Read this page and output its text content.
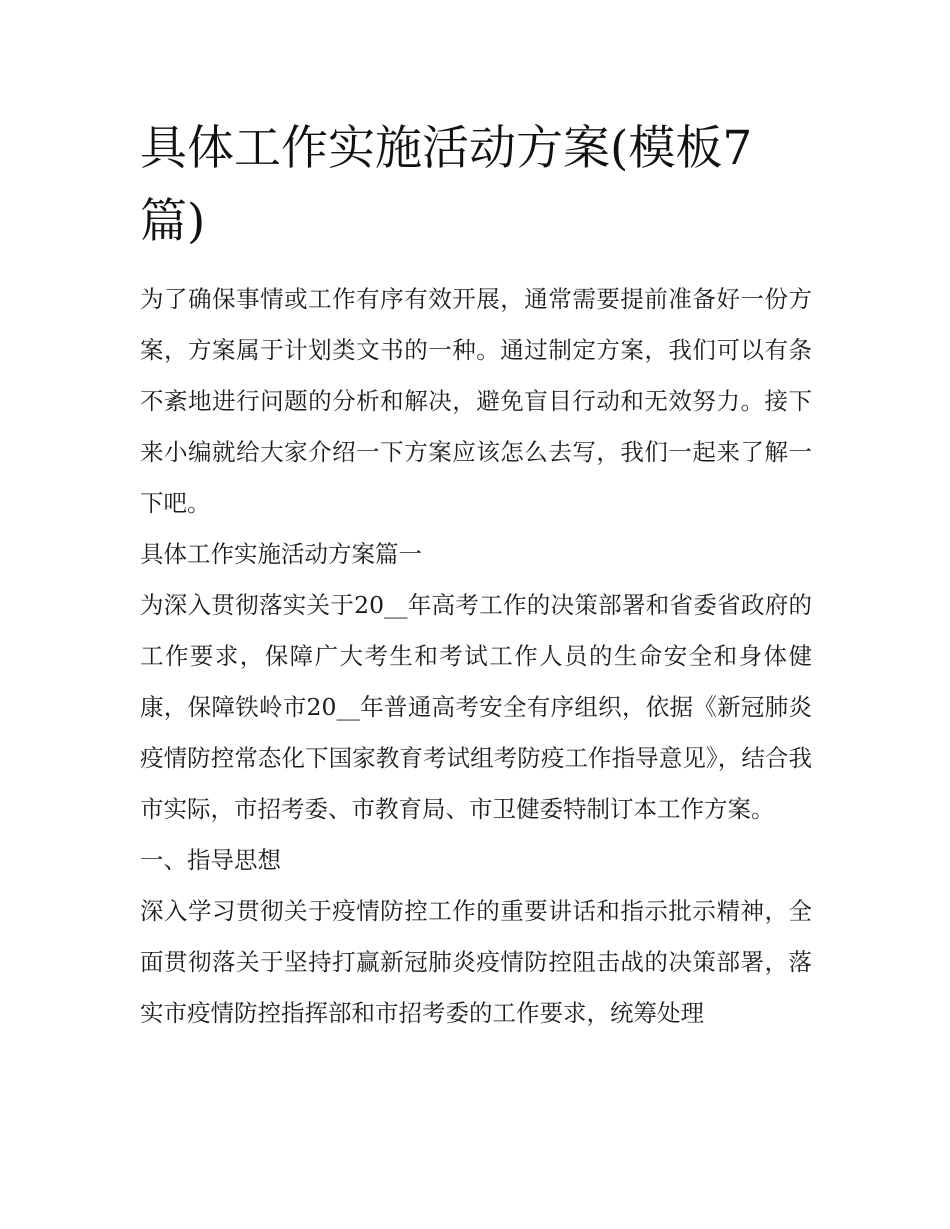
具体工作实施活动方案(模板7篇)

为了确保事情或工作有序有效开展，通常需要提前准备好一份方案，方案属于计划类文书的一种。通过制定方案，我们可以有条不紊地进行问题的分析和解决，避免盲目行动和无效努力。接下来小编就给大家介绍一下方案应该怎么去写，我们一起来了解一下吧。

具体工作实施活动方案篇一

为深入贯彻落实关于20__年高考工作的决策部署和省委省政府的工作要求，保障广大考生和考试工作人员的生命安全和身体健康，保障铁岭市20__年普通高考安全有序组织，依据《新冠肺炎疫情防控常态化下国家教育考试组考防疫工作指导意见》，结合我市实际，市招考委、市教育局、市卫健委特制订本工作方案。

一、指导思想

深入学习贯彻关于疫情防控工作的重要讲话和指示批示精神，全面贯彻落关于坚持打赢新冠肺炎疫情防控阻击战的决策部署，落实市疫情防控指挥部和市招考委的工作要求，统筹处理
